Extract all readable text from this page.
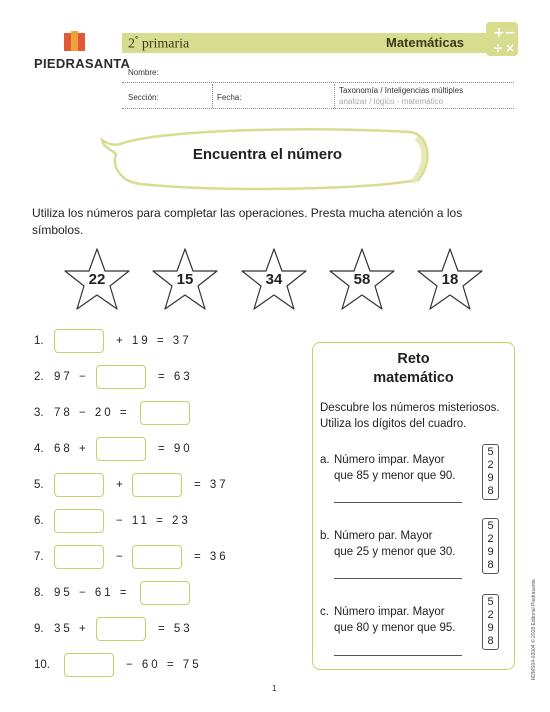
PIEDRASANTA
2° primaria	Matemáticas
+ −
÷ ×
Nombre:
Sección:	Fecha:
Taxonomía / Inteligencias múltiples
analizar / lógico - matemático
Encuentra el número
Utiliza los números para completar las operaciones. Presta mucha atención a los símbolos.
22	15	34	58	18
1.	+ 19 = 37
2. 97 −	= 63
3. 78 − 20 =
4. 68 +	= 90
5.	+	= 37
6.	− 11 = 23
7.	−	= 36
8. 95 − 61 =
9. 35 +	= 53
10.	− 60 = 75
Reto
matemático
Descubre los números misteriosos. Utiliza los dígitos del cuadro.
a. Número impar. Mayor
que 85 y menor que 90.
5
2
9
8
b. Número par. Mayor
que 25 y menor que 30.
5
2
9
8
c. Número impar. Mayor
que 80 y menor que 95.
5
2
9
8	M2MS04-02004 © 2018 Editorial Piedrasanta
1
